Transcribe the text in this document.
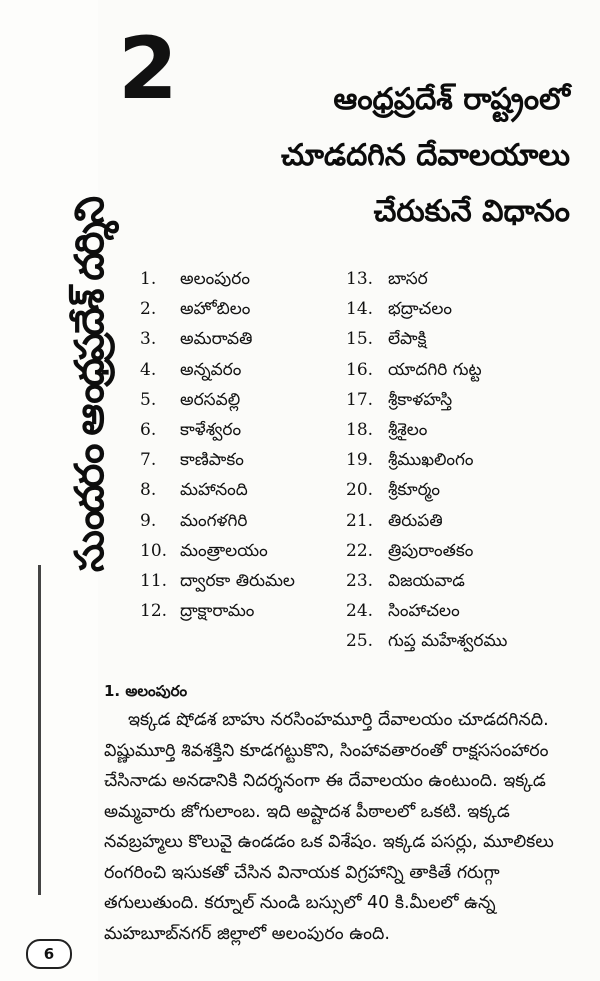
సుందరం ఆంధ్రప్రదేశ్ దర్శిని
2	ఆంధ్రప్రదేశ్ రాష్ట్రంలో
చూడదగిన దేవాలయాలు
చేరుకునే విధానం
1. అలంపురం
2. అహోబిలం
3. అమరావతి
4. అన్నవరం
5. అరసవల్లి
6. కాళేశ్వరం
7. కాణిపాకం
8. మహానంది
9. మంగళగిరి
10. మంత్రాలయం
11. ద్వారకా తిరుమల
12. ద్రాక్షారామం
13. బాసర
14. భద్రాచలం
15. లేపాక్షి
16. యాదగిరి గుట్ట
17. శ్రీకాళహస్తి
18. శ్రీశైలం
19. శ్రీముఖలింగం
20. శ్రీకూర్మం
21. తిరుపతి
22. త్రిపురాంతకం
23. విజయవాడ
24. సింహాచలం
25. గుప్త మహేశ్వరము
1. అలంపురం
ఇక్కడ షోడశ బాహు నరసింహమూర్తి దేవాలయం చూడదగినది.
విష్ణుమూర్తి శివశక్తిని కూడగట్టుకొని, సింహావతారంతో రాక్షససంహారం
చేసినాడు అనడానికి నిదర్శనంగా ఈ దేవాలయం ఉంటుంది. ఇక్కడ
అమ్మవారు జోగులాంబ. ఇది అష్టాదశ పీఠాలలో ఒకటి. ఇక్కడ
నవబ్రహ్మలు కొలువై ఉండడం ఒక విశేషం. ఇక్కడ పసర్లు, మూలికలు
రంగరించి ఇసుకతో చేసిన వినాయక విగ్రహాన్ని తాకితే గరుగ్గా
తగులుతుంది. కర్నూల్ నుండి బస్సులో 40 కి.మీలలో ఉన్న
మహబూబ్‌నగర్ జిల్లాలో అలంపురం ఉంది.
6
